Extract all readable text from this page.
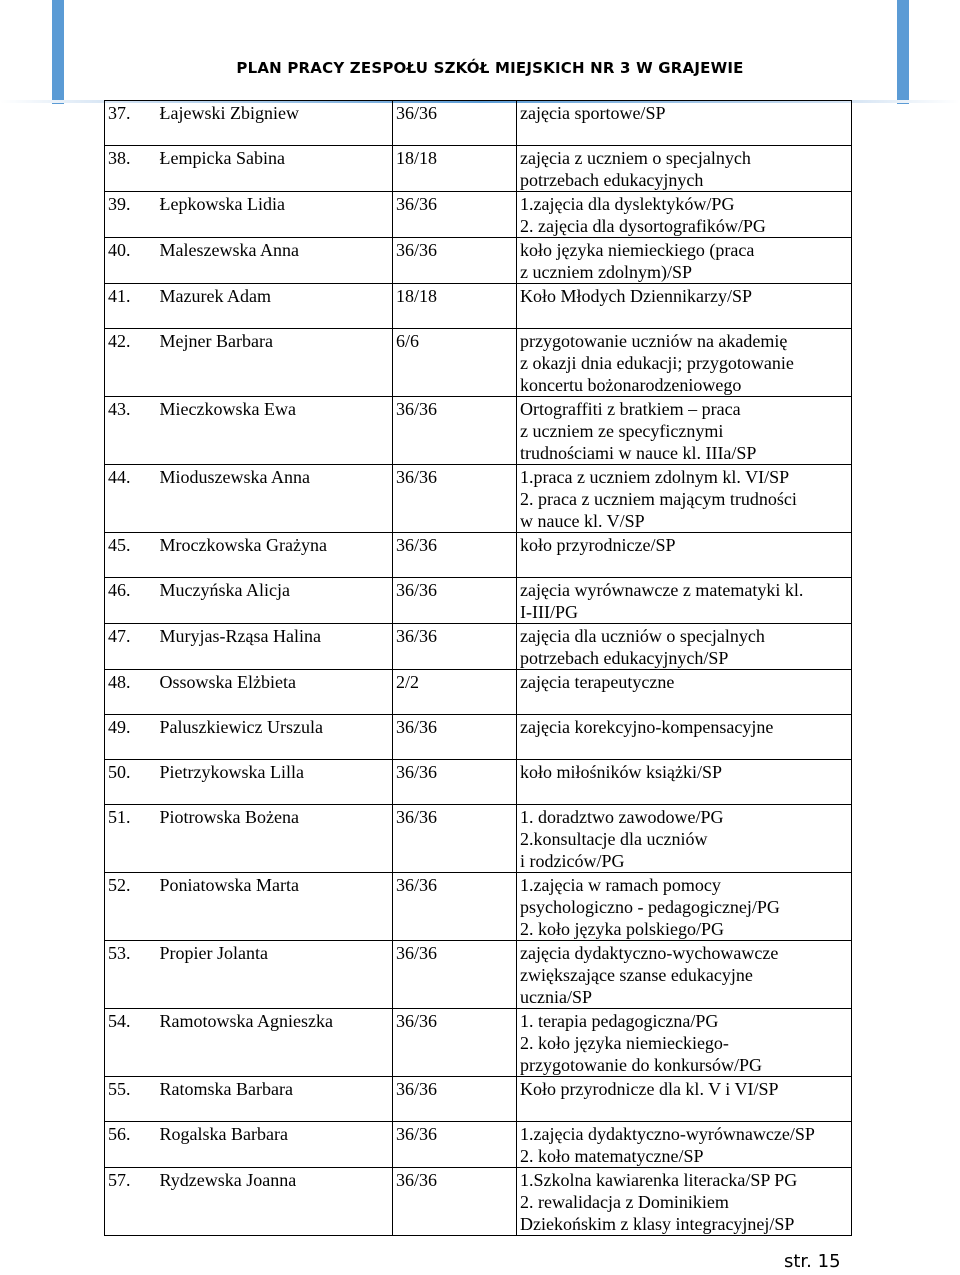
PLAN PRACY ZESPOŁU SZKÓŁ MIEJSKICH NR 3 W GRAJEWIE
37.	Łajewski Zbigniew	36/36	zajęcia sportowe/SP

38.	Łempicka Sabina	18/18	zajęcia z uczniem o specjalnych
potrzebach edukacyjnych

39.	Łepkowska Lidia	36/36	1.zajęcia dla dyslektyków/PG
2. zajęcia dla dysortografików/PG

40.	Maleszewska Anna	36/36	koło języka niemieckiego (praca
z uczniem zdolnym)/SP

41.	Mazurek Adam	18/18	Koło Młodych Dziennikarzy/SP

42.	Mejner Barbara	6/6	przygotowanie uczniów na akademię
z okazji dnia edukacji; przygotowanie
koncertu bożonarodzeniowego

43.	Mieczkowska Ewa	36/36	Ortograffiti z bratkiem – praca
z uczniem ze specyficznymi
trudnościami w nauce kl. IIIa/SP

44.	Mioduszewska Anna	36/36	1.praca z uczniem zdolnym kl. VI/SP
2. praca z uczniem mającym trudności
w nauce kl. V/SP

45.	Mroczkowska Grażyna	36/36	koło przyrodnicze/SP

46.	Muczyńska Alicja	36/36	zajęcia wyrównawcze z matematyki kl.
I-III/PG

47.	Muryjas-Rząsa Halina	36/36	zajęcia dla uczniów o specjalnych
potrzebach edukacyjnych/SP

48.	Ossowska Elżbieta	2/2	zajęcia terapeutyczne

49.	Paluszkiewicz Urszula	36/36	zajęcia korekcyjno-kompensacyjne

50.	Pietrzykowska Lilla	36/36	koło miłośników książki/SP

51.	Piotrowska Bożena	36/36	1. doradztwo zawodowe/PG
2.konsultacje dla uczniów
i rodziców/PG

52.	Poniatowska Marta	36/36	1.zajęcia w ramach pomocy
psychologiczno - pedagogicznej/PG
2. koło języka polskiego/PG

53.	Propier Jolanta	36/36	zajęcia dydaktyczno-wychowawcze
zwiększające szanse edukacyjne
ucznia/SP

54.	Ramotowska Agnieszka	36/36	1. terapia pedagogiczna/PG
2. koło języka niemieckiego-
przygotowanie do konkursów/PG

55.	Ratomska Barbara	36/36	Koło przyrodnicze dla kl. V i VI/SP

56.	Rogalska Barbara	36/36	1.zajęcia dydaktyczno-wyrównawcze/SP
2. koło matematyczne/SP

57.	Rydzewska Joanna	36/36	1.Szkolna kawiarenka literacka/SP PG
2. rewalidacja z Dominikiem
Dziekońskim z klasy integracyjnej/SP
str. 15
